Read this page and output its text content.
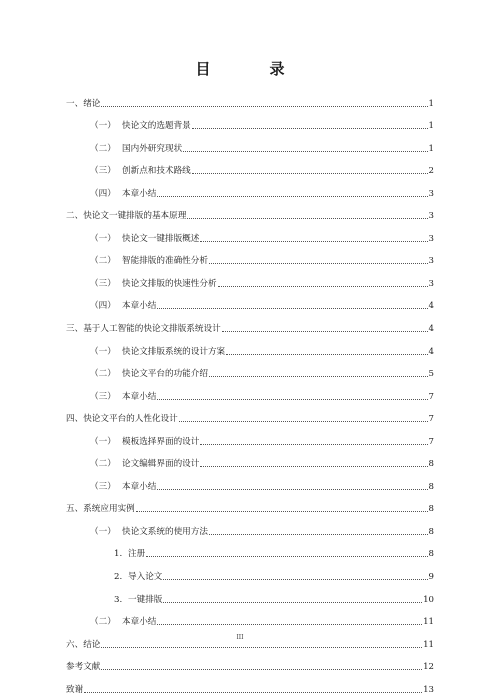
目　录
一、绪论	1
（一） 快论文的选题背景	1
（二） 国内外研究现状	1
（三） 创新点和技术路线	2
（四） 本章小结	3
二、快论文一键排版的基本原理	3
（一） 快论文一键排版概述	3
（二） 智能排版的准确性分析	3
（三） 快论文排版的快速性分析	3
（四） 本章小结	4
三、基于人工智能的快论文排版系统设计	4
（一） 快论文排版系统的设计方案	4
（二） 快论文平台的功能介绍	5
（三） 本章小结	7
四、快论文平台的人性化设计	7
（一） 模板选择界面的设计	7
（二） 论文编辑界面的设计	8
（三） 本章小结	8
五、系统应用实例	8
（一） 快论文系统的使用方法	8
1. 注册	8
2. 导入论文	9
3. 一键排版	10
（二） 本章小结	11
六、结论	11
参考文献	12
致谢	13
III
